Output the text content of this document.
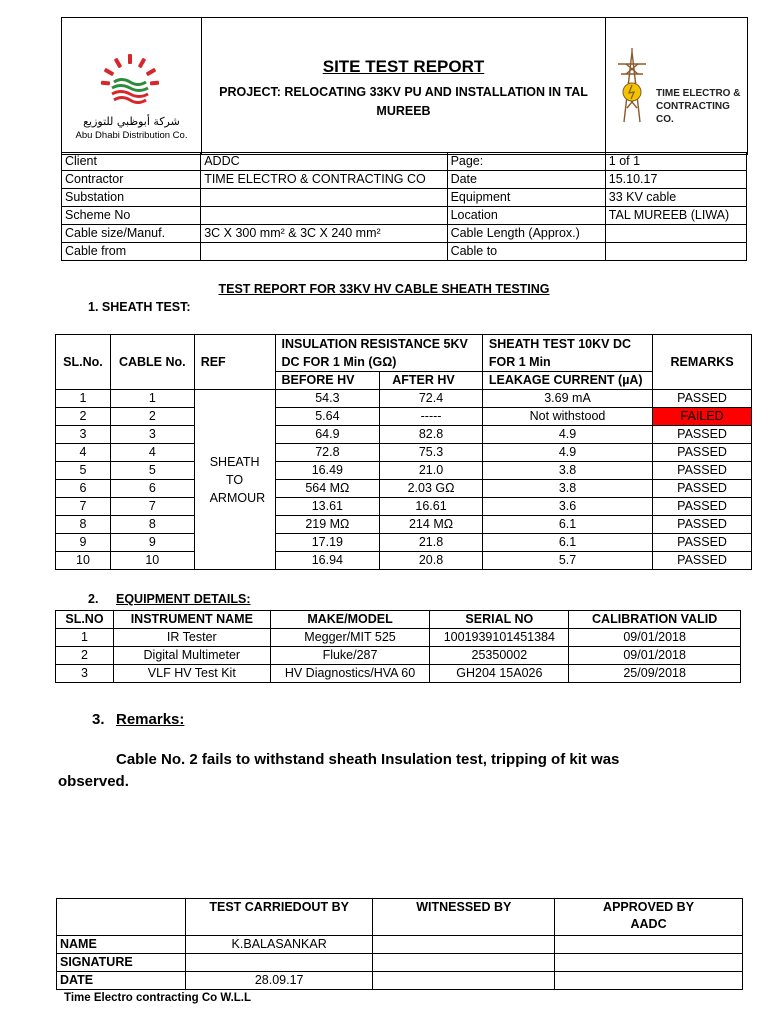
شركة أبوظبي للتوزيع
Abu Dhabi Distribution Co.
SITE TEST REPORT
PROJECT: RELOCATING 33KV PU AND INSTALLATION IN TAL MUREEB
TIME ELECTRO &
CONTRACTING CO.
Client	ADDC	Page:	1 of 1
Contractor	TIME ELECTRO & CONTRACTING CO	Date	15.10.17
Substation		Equipment	33 KV cable
Scheme No		Location	TAL MUREEB (LIWA)
Cable size/Manuf.	3C X 300 mm² & 3C X 240 mm²	Cable Length (Approx.)	
Cable from		Cable to	
TEST REPORT FOR 33KV HV CABLE SHEATH TESTING
1. SHEATH TEST:
SL.No.	CABLE No.	REF	INSULATION RESISTANCE 5KV DC FOR 1 Min (GΩ)		SHEATH TEST 10KV DC FOR 1 Min	REMARKS
			BEFORE HV	AFTER HV	LEAKAGE CURRENT (µA)	
1	1	SHEATH TO ARMOUR	54.3	72.4	3.69 mA	PASSED
2	2		5.64	-----	Not withstood	FAILED
3	3		64.9	82.8	4.9	PASSED
4	4		72.8	75.3	4.9	PASSED
5	5		16.49	21.0	3.8	PASSED
6	6		564 MΩ	2.03 GΩ	3.8	PASSED
7	7		13.61	16.61	3.6	PASSED
8	8		219 MΩ	214 MΩ	6.1	PASSED
9	9		17.19	21.8	6.1	PASSED
10	10		16.94	20.8	5.7	PASSED
2. EQUIPMENT DETAILS:
SL.NO	INSTRUMENT NAME	MAKE/MODEL	SERIAL NO	CALIBRATION VALID
1	IR Tester	Megger/MIT 525	1001939101451384	09/01/2018
2	Digital Multimeter	Fluke/287	25350002	09/01/2018
3	VLF HV Test Kit	HV Diagnostics/HVA 60	GH204 15A026	25/09/2018
3. Remarks:
Cable No. 2 fails to withstand sheath Insulation test, tripping of kit was
observed.
	TEST CARRIEDOUT BY	WITNESSED BY	APPROVED BY AADC
NAME	K.BALASANKAR		
SIGNATURE			
DATE	28.09.17		
Time Electro contracting Co W.L.L
